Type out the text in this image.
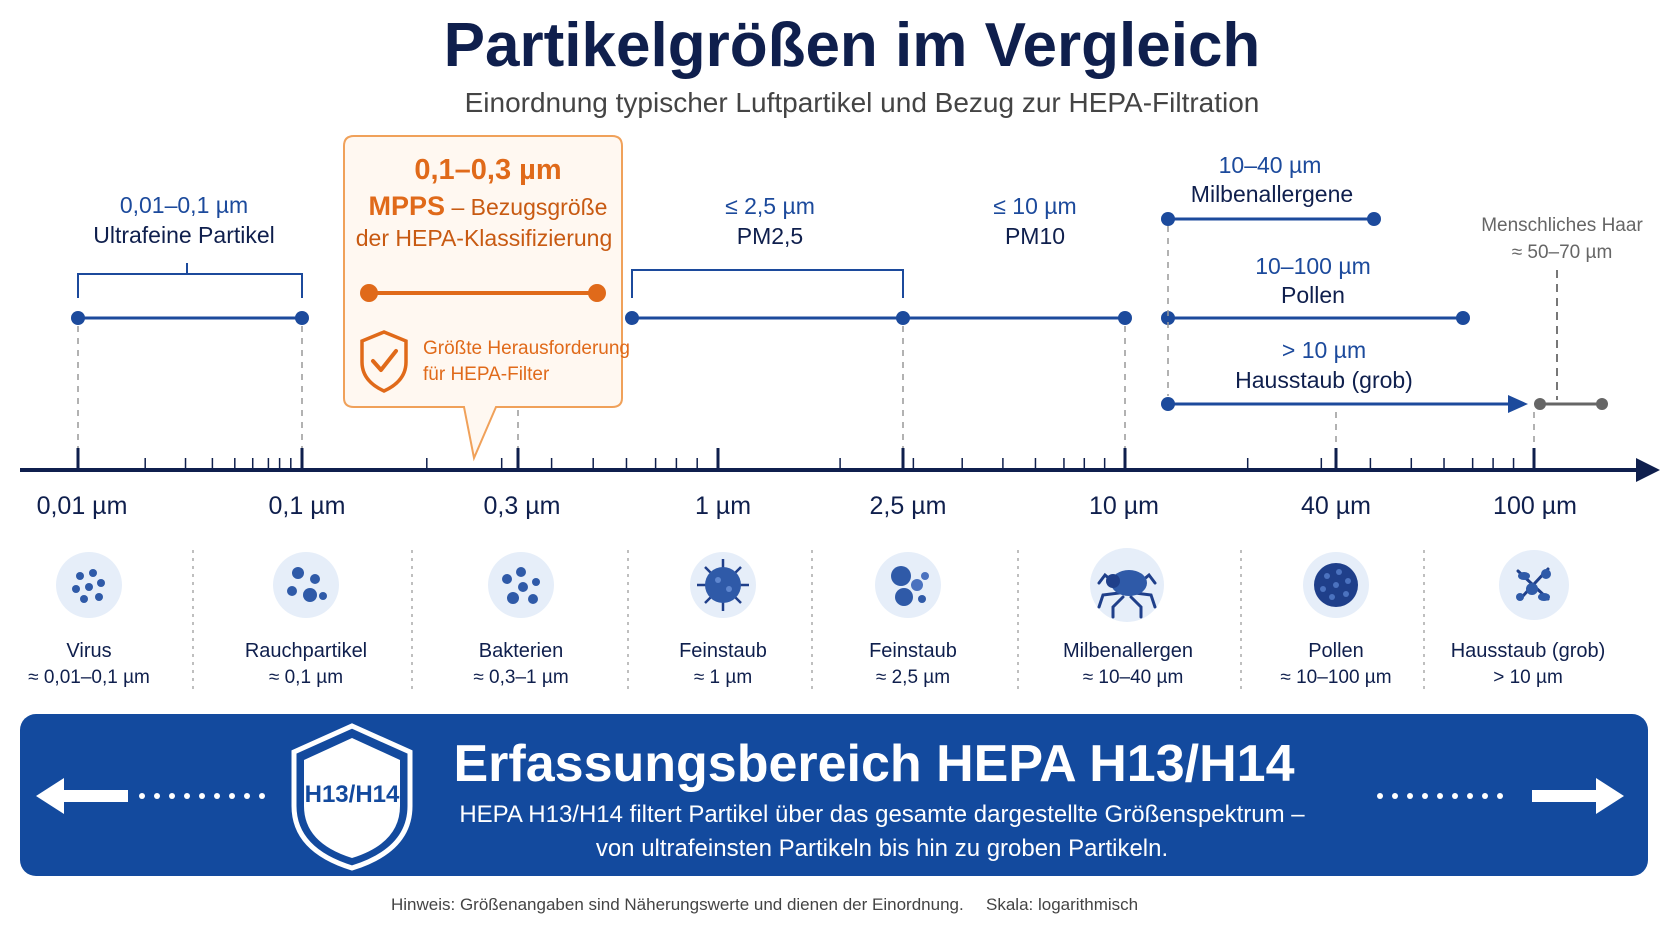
Partikelgrößen im Vergleich
Einordnung typischer Luftpartikel und Bezug zur HEPA-Filtration
0,01–0,1 µm
Ultrafeine Partikel
0,1–0,3 µm
MPPS – Bezugsgröße
der HEPA-Klassifizierung
Größte Herausforderung
für HEPA-Filter
≤ 2,5 µm
PM2,5
≤ 10 µm
PM10
10–40 µm
Milbenallergene
10–100 µm
Pollen
> 10 µm
Hausstaub (grob)
Menschliches Haar
≈ 50–70 µm
0,01 µm	0,1 µm	0,3 µm	1 µm	2,5 µm	10 µm	40 µm	100 µm
Virus
≈ 0,01–0,1 µm
Rauchpartikel
≈ 0,1 µm
Bakterien
≈ 0,3–1 µm
Feinstaub
≈ 1 µm
Feinstaub
≈ 2,5 µm
Milbenallergen
≈ 10–40 µm
Pollen
≈ 10–100 µm
Hausstaub (grob)
> 10 µm
H13/H14
Erfassungsbereich HEPA H13/H14
HEPA H13/H14 filtert Partikel über das gesamte dargestellte Größenspektrum –
von ultrafeinsten Partikeln bis hin zu groben Partikeln.
Hinweis: Größenangaben sind Näherungswerte und dienen der Einordnung. Skala: logarithmisch
